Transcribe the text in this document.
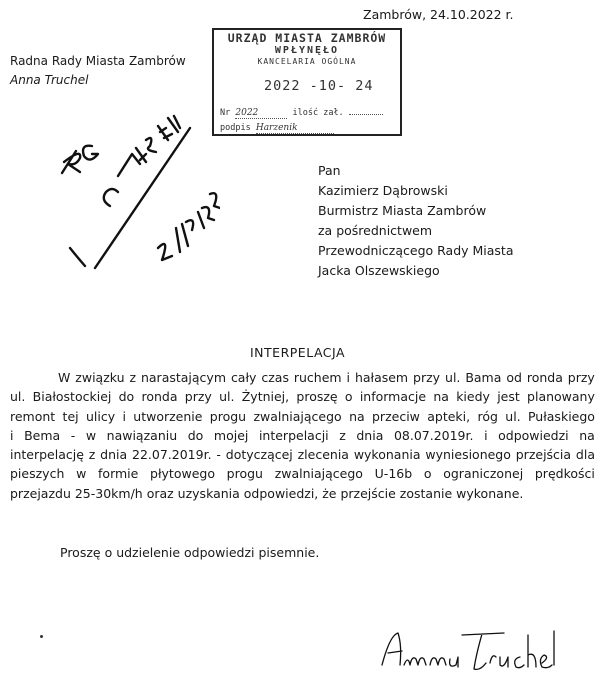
Zambrów, 24.10.2022 r.
Radna Rady Miasta Zambrów
Anna Truchel
URZĄD MIASTA ZAMBRÓW
WPŁYNĘŁO
KANCELARIA OGÓLNA
2022 -10- 24
Nr 2022	ilość zał.
podpis Harzenik
Pan
Kazimierz Dąbrowski
Burmistrz Miasta Zambrów
za pośrednictwem
Przewodniczącego Rady Miasta
Jacka Olszewskiego
INTERPELACJA
W związku z narastającym cały czas ruchem i hałasem przy ul. Bama od ronda przy
ul. Białostockiej do ronda przy ul. Żytniej, proszę o informacje na kiedy jest planowany
remont tej ulicy i utworzenie progu zwalniającego na przeciw apteki, róg ul. Pułaskiego
i Bema - w nawiązaniu do mojej interpelacji z dnia 08.07.2019r. i odpowiedzi na
interpelację z dnia 22.07.2019r. - dotyczącej zlecenia wykonania wyniesionego przejścia dla
pieszych w formie płytowego progu zwalniającego U-16b o ograniczonej prędkości
przejazdu 25-30km/h oraz uzyskania odpowiedzi, że przejście zostanie wykonane.
Proszę o udzielenie odpowiedzi pisemnie.
